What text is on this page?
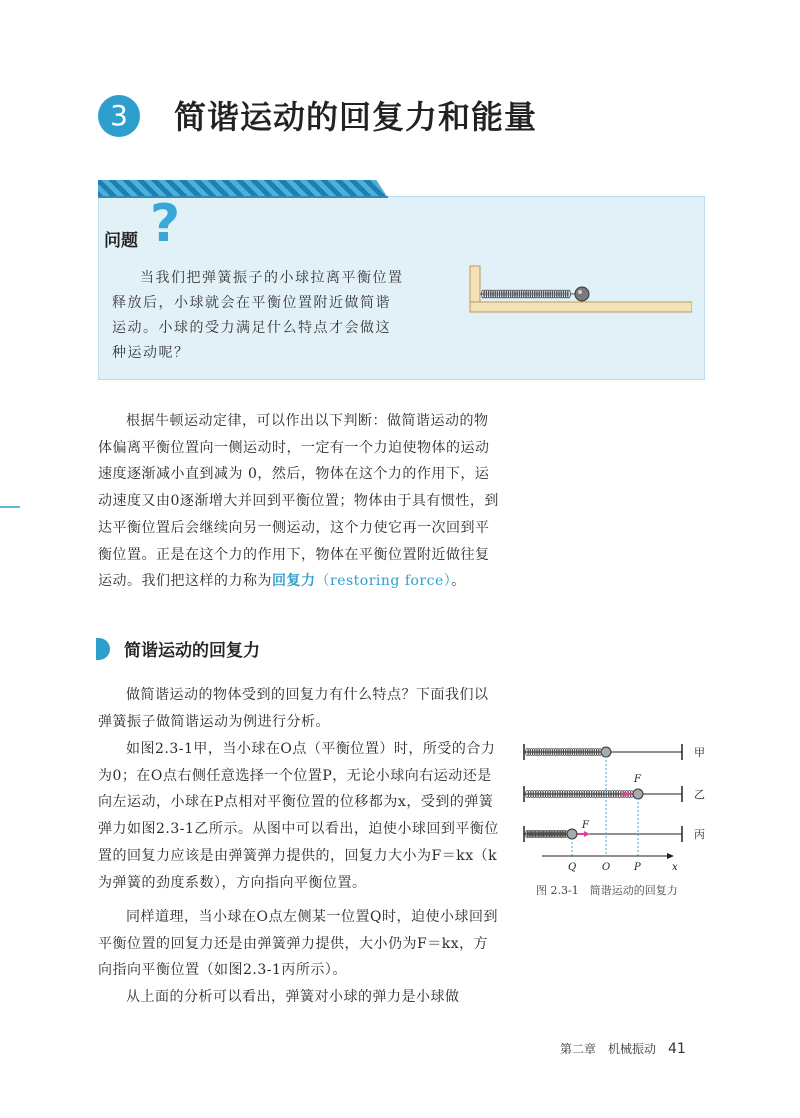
3	简谐运动的回复力和能量
问题 ?
当我们把弹簧振子的小球拉离平衡位置释放后，小球就会在平衡位置附近做简谐运动。小球的受力满足什么特点才会做这种运动呢？
根据牛顿运动定律，可以作出以下判断：做简谐运动的物体偏离平衡位置向一侧运动时，一定有一个力迫使物体的运动速度逐渐减小直到减为 0，然后，物体在这个力的作用下，运动速度又由0逐渐增大并回到平衡位置；物体由于具有惯性，到达平衡位置后会继续向另一侧运动，这个力使它再一次回到平衡位置。正是在这个力的作用下，物体在平衡位置附近做往复运动。我们把这样的力称为回复力（restoring force）。
简谐运动的回复力
做简谐运动的物体受到的回复力有什么特点？下面我们以弹簧振子做简谐运动为例进行分析。
如图2.3-1甲，当小球在O点（平衡位置）时，所受的合力为0；在O点右侧任意选择一个位置P，无论小球向右运动还是向左运动，小球在P点相对平衡位置的位移都为x，受到的弹簧弹力如图2.3-1乙所示。从图中可以看出，迫使小球回到平衡位置的回复力应该是由弹簧弹力提供的，回复力大小为F＝kx（k为弹簧的劲度系数），方向指向平衡位置。
同样道理，当小球在O点左侧某一位置Q时，迫使小球回到平衡位置的回复力还是由弹簧弹力提供，大小仍为F＝kx，方向指向平衡位置（如图2.3-1丙所示）。
从上面的分析可以看出，弹簧对小球的弹力是小球做
甲
F
乙
F
丙
Q	O P	x
图 2.3-1　简谐运动的回复力
第二章　机械振动 41
